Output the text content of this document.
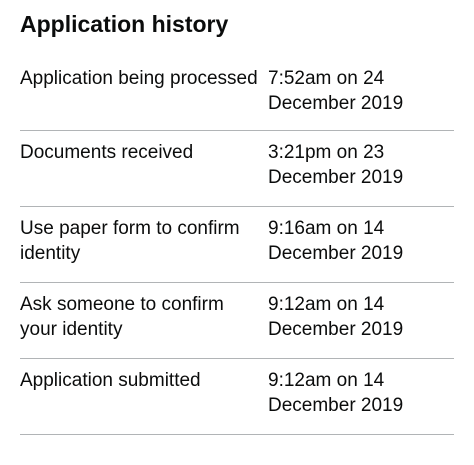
Application history
Application being processed 7:52am on 24 December 2019
Documents received	3:21pm on 23 December 2019
Use paper form to confirm identity
9:16am on 14 December 2019
Ask someone to confirm your identity
9:12am on 14 December 2019
Application submitted	9:12am on 14 December 2019
